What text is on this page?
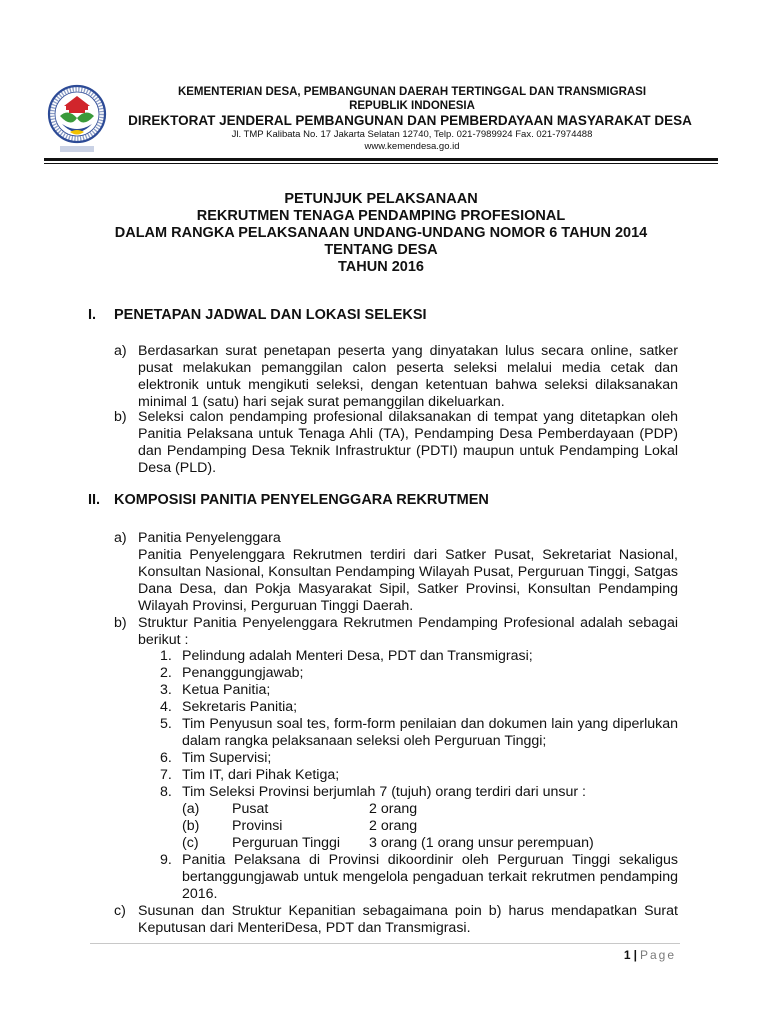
KEMENTERIAN DESA, PEMBANGUNAN DAERAH TERTINGGAL DAN TRANSMIGRASI
REPUBLIK INDONESIA
DIREKTORAT JENDERAL PEMBANGUNAN DAN PEMBERDAYAAN MASYARAKAT DESA
Jl. TMP Kalibata No. 17 Jakarta Selatan 12740, Telp. 021-7989924 Fax. 021-7974488
www.kemendesa.go.id
PETUNJUK PELAKSANAAN
REKRUTMEN TENAGA PENDAMPING PROFESIONAL
DALAM RANGKA PELAKSANAAN UNDANG-UNDANG NOMOR 6 TAHUN 2014
TENTANG DESA
TAHUN 2016
I. PENETAPAN JADWAL DAN LOKASI SELEKSI
a) Berdasarkan surat penetapan peserta yang dinyatakan lulus secara online, satker pusat melakukan pemanggilan calon peserta seleksi melalui media cetak dan elektronik untuk mengikuti seleksi, dengan ketentuan bahwa seleksi dilaksanakan minimal 1 (satu) hari sejak surat pemanggilan dikeluarkan.
b) Seleksi calon pendamping profesional dilaksanakan di tempat yang ditetapkan oleh Panitia Pelaksana untuk Tenaga Ahli (TA), Pendamping Desa Pemberdayaan (PDP) dan Pendamping Desa Teknik Infrastruktur (PDTI) maupun untuk Pendamping Lokal Desa (PLD).
II. KOMPOSISI PANITIA PENYELENGGARA REKRUTMEN
a) Panitia Penyelenggara
Panitia Penyelenggara Rekrutmen terdiri dari Satker Pusat, Sekretariat Nasional, Konsultan Nasional, Konsultan Pendamping Wilayah Pusat, Perguruan Tinggi, Satgas Dana Desa, dan Pokja Masyarakat Sipil, Satker Provinsi, Konsultan Pendamping Wilayah Provinsi, Perguruan Tinggi Daerah.
b) Struktur Panitia Penyelenggara Rekrutmen Pendamping Profesional adalah sebagai berikut :
1. Pelindung adalah Menteri Desa, PDT dan Transmigrasi;
2. Penanggungjawab;
3. Ketua Panitia;
4. Sekretaris Panitia;
5. Tim Penyusun soal tes, form-form penilaian dan dokumen lain yang diperlukan dalam rangka pelaksanaan seleksi oleh Perguruan Tinggi;
6. Tim Supervisi;
7. Tim IT, dari Pihak Ketiga;
8. Tim Seleksi Provinsi berjumlah 7 (tujuh) orang terdiri dari unsur :
(a) Pusat	2 orang
(b) Provinsi	2 orang
(c) Perguruan Tinggi 3 orang (1 orang unsur perempuan)
9. Panitia Pelaksana di Provinsi dikoordinir oleh Perguruan Tinggi sekaligus bertanggungjawab untuk mengelola pengaduan terkait rekrutmen pendamping 2016.
c) Susunan dan Struktur Kepanitian sebagaimana poin b) harus mendapatkan Surat Keputusan dari MenteriDesa, PDT dan Transmigrasi.
1 | Page
